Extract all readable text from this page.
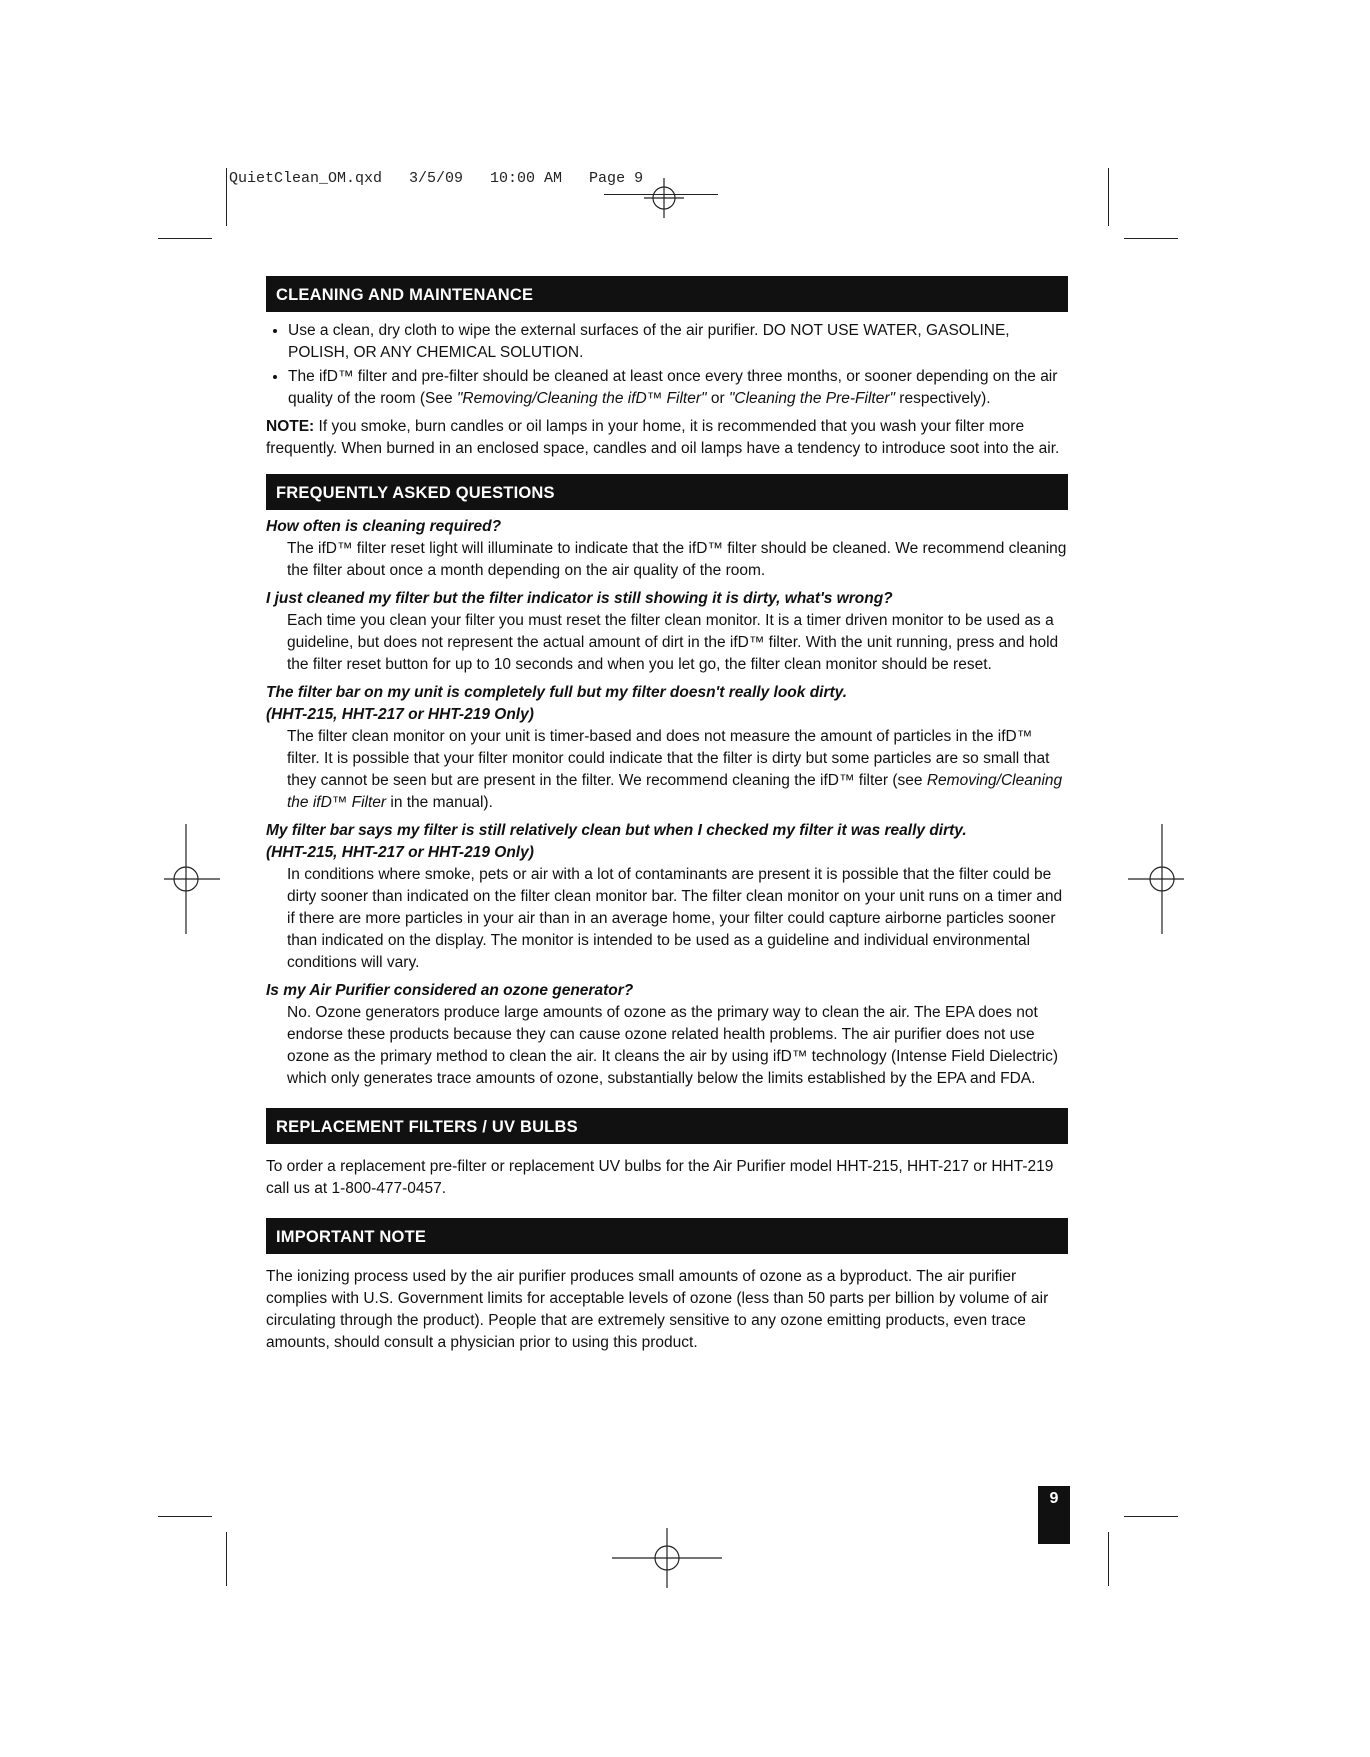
QuietClean_OM.qxd   3/5/09   10:00 AM   Page 9
9
CLEANING AND MAINTENANCE
• Use a clean, dry cloth to wipe the external surfaces of the air purifier. DO NOT USE WATER, GASOLINE, POLISH, OR ANY CHEMICAL SOLUTION.
• The ifD™ filter and pre-filter should be cleaned at least once every three months, or sooner depending on the air quality of the room (See "Removing/Cleaning the ifD™ Filter" or "Cleaning the Pre-Filter" respectively).

NOTE: If you smoke, burn candles or oil lamps in your home, it is recommended that you wash your filter more frequently. When burned in an enclosed space, candles and oil lamps have a tendency to introduce soot into the air.

FREQUENTLY ASKED QUESTIONS
How often is cleaning required?

The ifD™ filter reset light will illuminate to indicate that the ifD™ filter should be cleaned. We recommend cleaning the filter about once a month depending on the air quality of the room.

I just cleaned my filter but the filter indicator is still showing it is dirty, what's wrong?

Each time you clean your filter you must reset the filter clean monitor. It is a timer driven monitor to be used as a guideline, but does not represent the actual amount of dirt in the ifD™ filter. With the unit running, press and hold the filter reset button for up to 10 seconds and when you let go, the filter clean monitor should be reset.

The filter bar on my unit is completely full but my filter doesn't really look dirty.
(HHT-215, HHT-217 or HHT-219 Only)

The filter clean monitor on your unit is timer-based and does not measure the amount of particles in the ifD™ filter. It is possible that your filter monitor could indicate that the filter is dirty but some particles are so small that they cannot be seen but are present in the filter. We recommend cleaning the ifD™ filter (see Removing/Cleaning the ifD™ Filter in the manual).

My filter bar says my filter is still relatively clean but when I checked my filter it was really dirty.
(HHT-215, HHT-217 or HHT-219 Only)

In conditions where smoke, pets or air with a lot of contaminants are present it is possible that the filter could be dirty sooner than indicated on the filter clean monitor bar. The filter clean monitor on your unit runs on a timer and if there are more particles in your air than in an average home, your filter could capture airborne particles sooner than indicated on the display. The monitor is intended to be used as a guideline and individual environmental conditions will vary.

Is my Air Purifier considered an ozone generator?

No. Ozone generators produce large amounts of ozone as the primary way to clean the air. The EPA does not endorse these products because they can cause ozone related health problems. The air purifier does not use ozone as the primary method to clean the air. It cleans the air by using ifD™ technology (Intense Field Dielectric) which only generates trace amounts of ozone, substantially below the limits established by the EPA and FDA.

REPLACEMENT FILTERS / UV BULBS

To order a replacement pre-filter or replacement UV bulbs for the Air Purifier model HHT-215, HHT-217 or HHT-219 call us at 1-800-477-0457.

IMPORTANT NOTE

The ionizing process used by the air purifier produces small amounts of ozone as a byproduct. The air purifier complies with U.S. Government limits for acceptable levels of ozone (less than 50 parts per billion by volume of air circulating through the product). People that are extremely sensitive to any ozone emitting products, even trace amounts, should consult a physician prior to using this product.
